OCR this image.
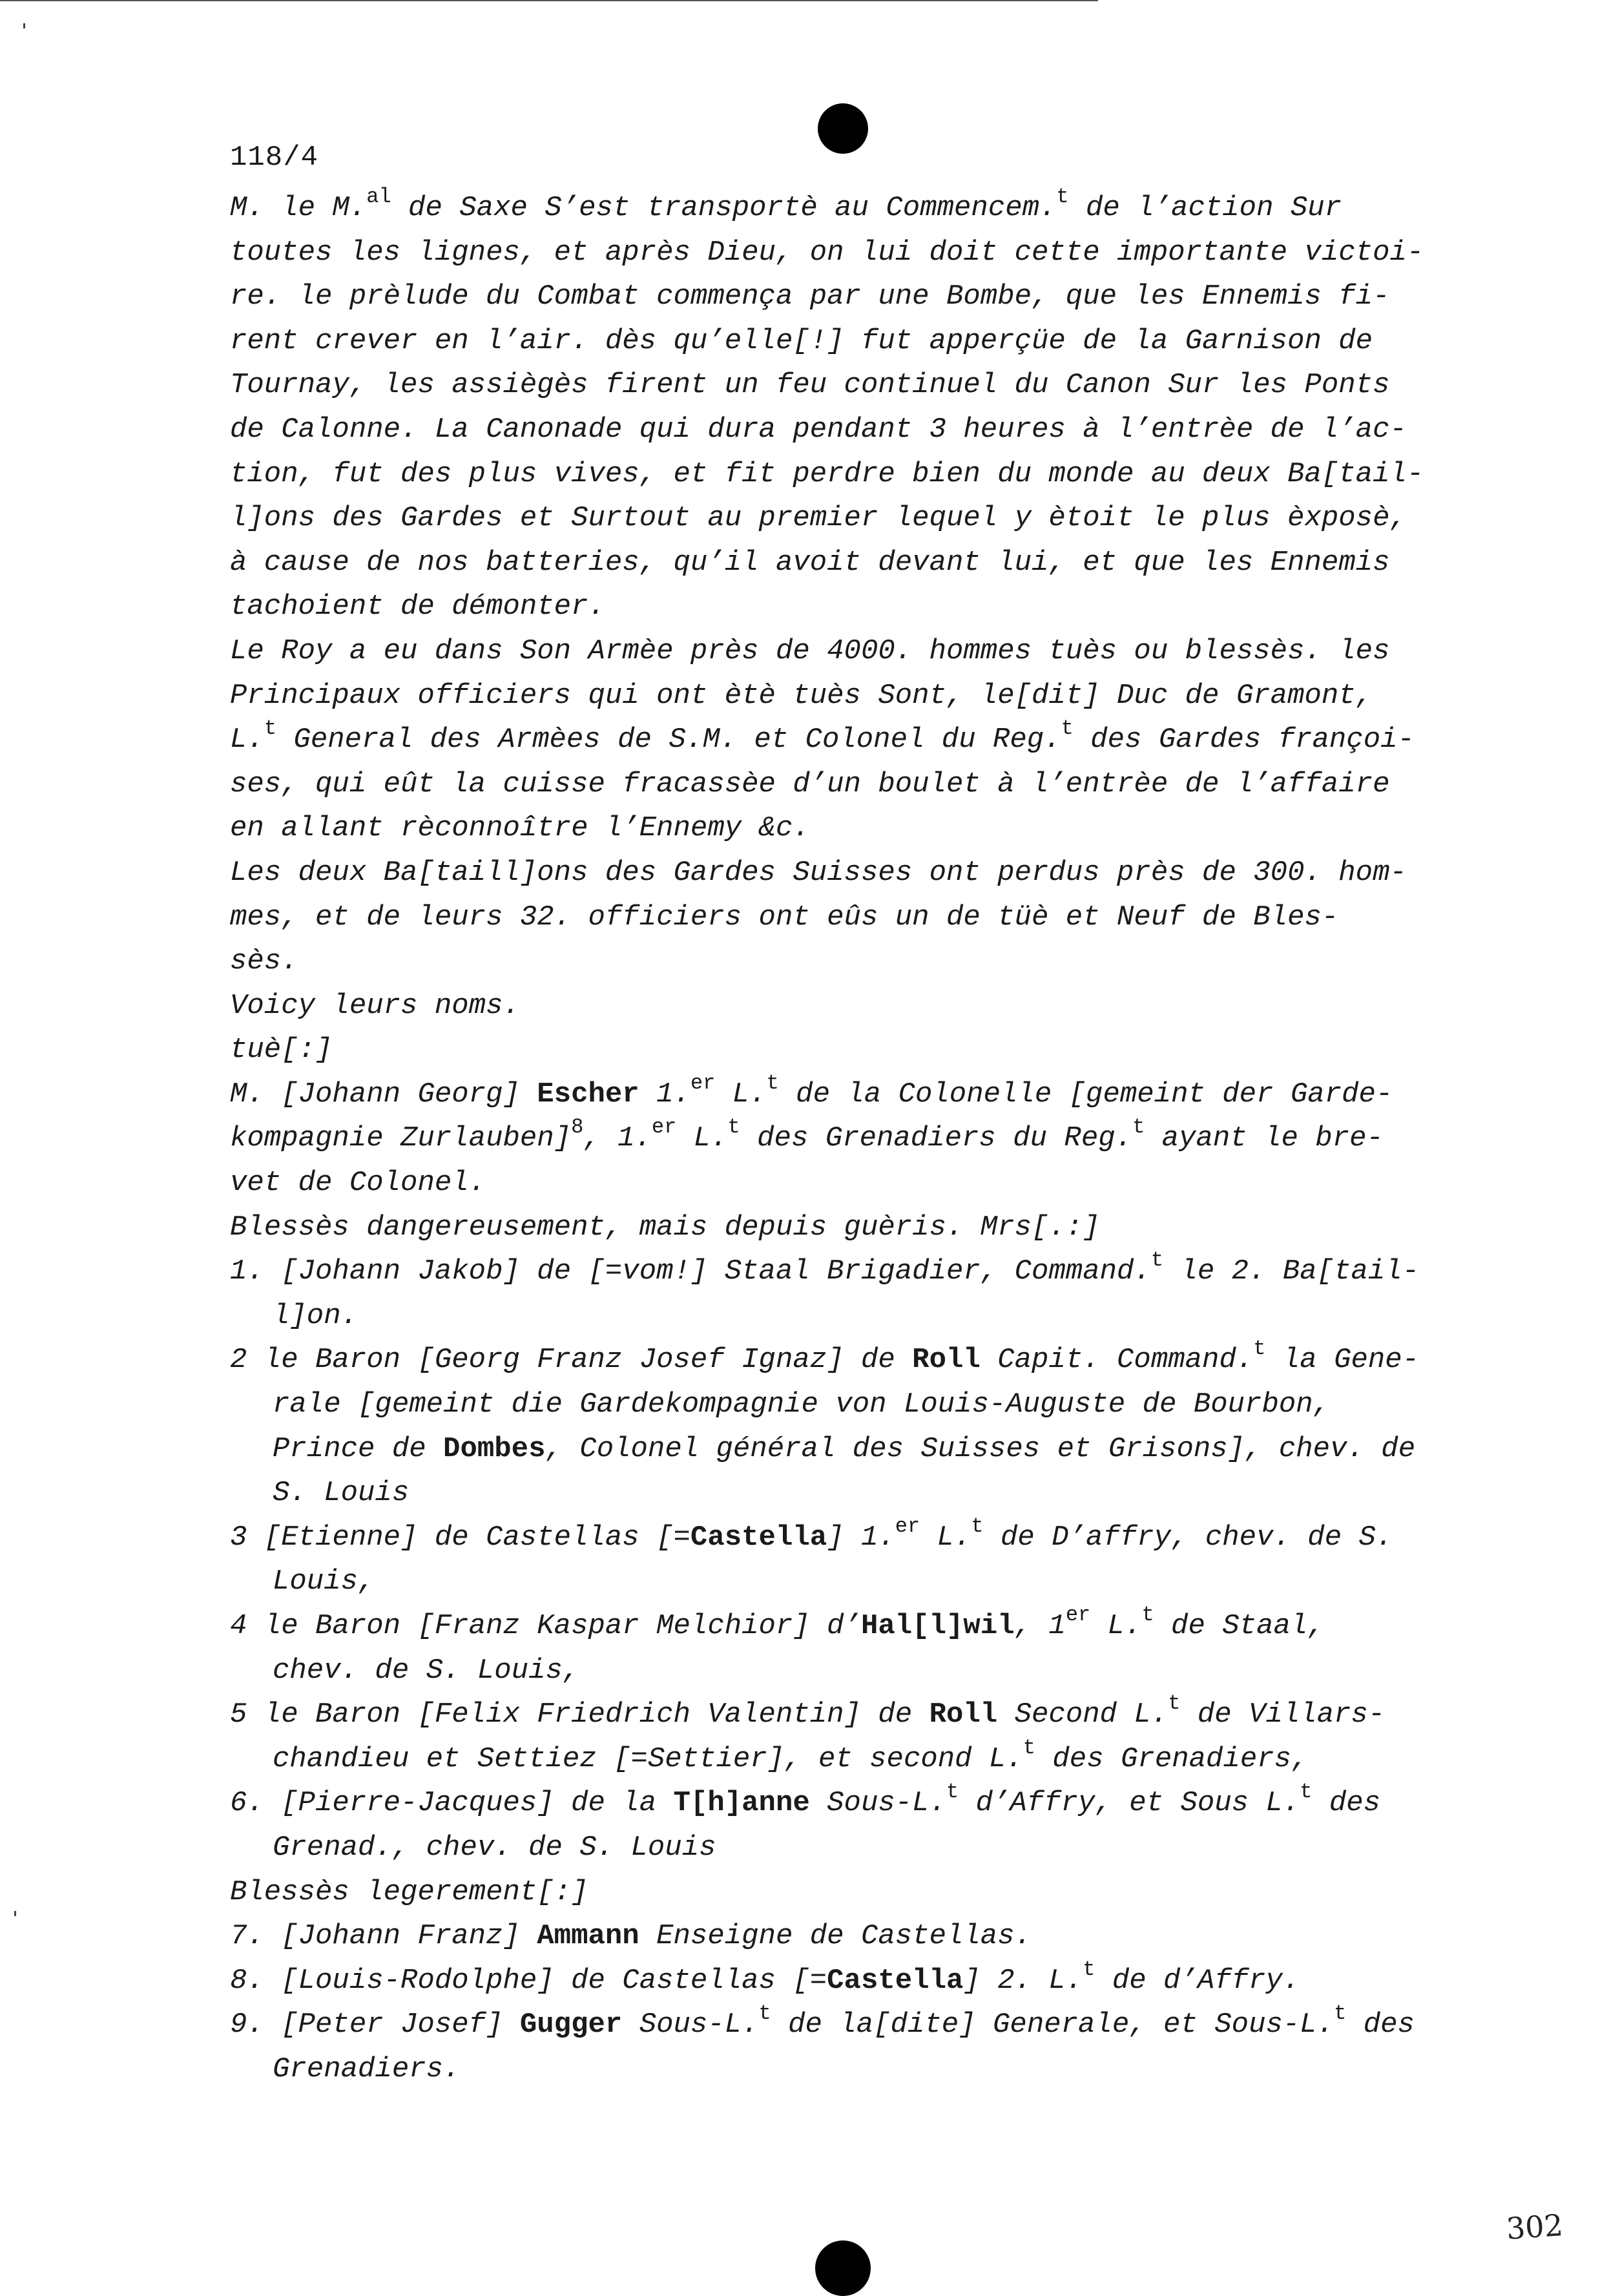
118/4
M. le M.$^{al}$ de Saxe S’est transportè au Commencem.$^t$ de l’action Sur
toutes les lignes, et après Dieu, on lui doit cette importante victoi-
re. le prèlude du Combat commença par une Bombe, que les Ennemis fi-
rent crever en l’air. dès qu’elle[!] fut apperçüe de la Garnison de
Tournay, les assiègès firent un feu continuel du Canon Sur les Ponts
de Calonne. La Canonade qui dura pendant 3 heures à l’entrèe de l’ac-
tion, fut des plus vives, et fit perdre bien du monde au deux Ba[tail-
l]ons des Gardes et Surtout au premier lequel y ètoit le plus èxposè,
à cause de nos batteries, qu’il avoit devant lui, et que les Ennemis
tachoient de démonter.
Le Roy a eu dans Son Armèe près de 4000. hommes tuès ou blessès. les
Principaux officiers qui ont ètè tuès Sont, le[dit] Duc de Gramont,
L.$^t$ General des Armèes de S.M. et Colonel du Reg.$^t$ des Gardes françoi-
ses, qui eût la cuisse fracassèe d’un boulet à l’entrèe de l’affaire
en allant rèconnoître l’Ennemy &c.
Les deux Ba[taill]ons des Gardes Suisses ont perdus près de 300. hom-
mes, et de leurs 32. officiers ont eûs un de tüè et Neuf de Bles-
sès.
Voicy leurs noms.
tuè[:]
M. [Johann Georg] Escher 1.$^{er}$ L.$^t$ de la Colonelle [gemeint der Garde-
kompagnie Zurlauben]$^8$, 1.$^{er}$ L.$^t$ des Grenadiers du Reg.$^t$ ayant le bre-
vet de Colonel.
Blessès dangereusement, mais depuis guèris. Mrs[.:]
1. [Johann Jakob] de [=vom!] Staal Brigadier, Command.$^t$ le 2. Ba[tail-
l]on.
2 le Baron [Georg Franz Josef Ignaz] de Roll Capit. Command.$^t$ la Gene-
rale [gemeint die Gardekompagnie von Louis-Auguste de Bourbon,
Prince de Dombes, Colonel général des Suisses et Grisons], chev. de
S. Louis
3 [Etienne] de Castellas [=Castella] 1.$^{er}$ L.$^t$ de D’affry, chev. de S.
Louis,
4 le Baron [Franz Kaspar Melchior] d’Hal[l]wil, 1er L.$^t$ de Staal,
chev. de S. Louis,
5 le Baron [Felix Friedrich Valentin] de Roll Second L.$^t$ de Villars-
chandieu et Settiez [=Settier], et second L.$^t$ des Grenadiers,
6. [Pierre-Jacques] de la T[h]anne Sous-L.$^t$ d’Affry, et Sous L.$^t$ des
Grenad., chev. de S. Louis
Blessès legerement[:]
7. [Johann Franz] Ammann Enseigne de Castellas.
8. [Louis-Rodolphe] de Castellas [=Castella] 2. L.$^t$ de d’Affry.
9. [Peter Josef] Gugger Sous-L.$^t$ de la[dite] Generale, et Sous-L.$^t$ des
Grenadiers.
302
